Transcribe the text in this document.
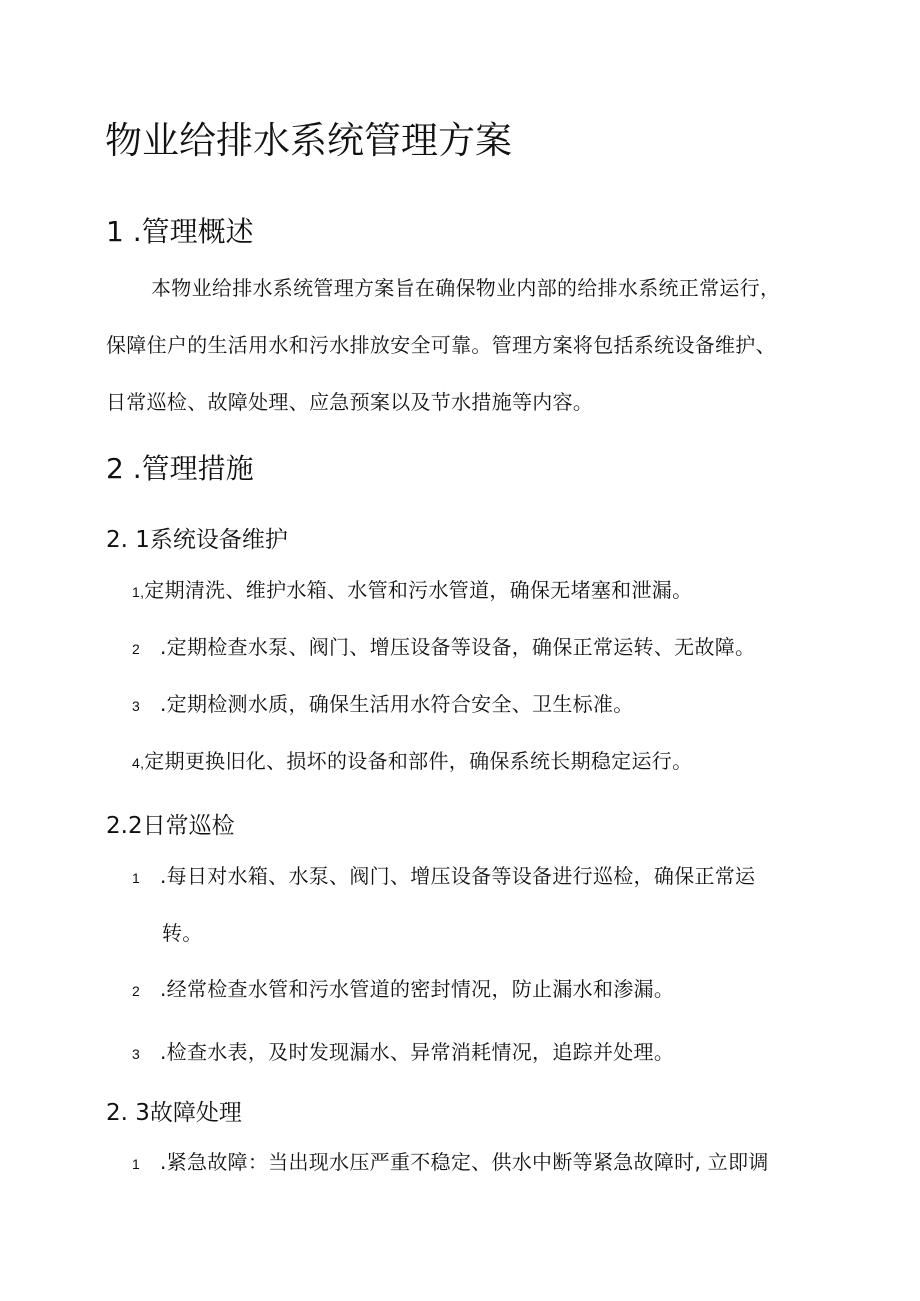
物业给排水系统管理方案
1 .管理概述
本物业给排水系统管理方案旨在确保物业内部的给排水系统正常运行，
保障住户的生活用水和污水排放安全可靠。管理方案将包括系统设备维护、
日常巡检、故障处理、应急预案以及节水措施等内容。
2 .管理措施
2. 1系统设备维护
1,定期清洗、维护水箱、水管和污水管道，确保无堵塞和泄漏。
2 .定期检查水泵、阀门、增压设备等设备，确保正常运转、无故障。
3 .定期检测水质，确保生活用水符合安全、卫生标准。
4,定期更换旧化、损坏的设备和部件，确保系统长期稳定运行。
2.2日常巡检
1 .每日对水箱、水泵、阀门、增压设备等设备进行巡检，确保正常运
转。
2 .经常检查水管和污水管道的密封情况，防止漏水和渗漏。
3 .检查水表，及时发现漏水、异常消耗情况，追踪并处理。
2. 3故障处理
1 .紧急故障：当出现水压严重不稳定、供水中断等紧急故障时, 立即调
